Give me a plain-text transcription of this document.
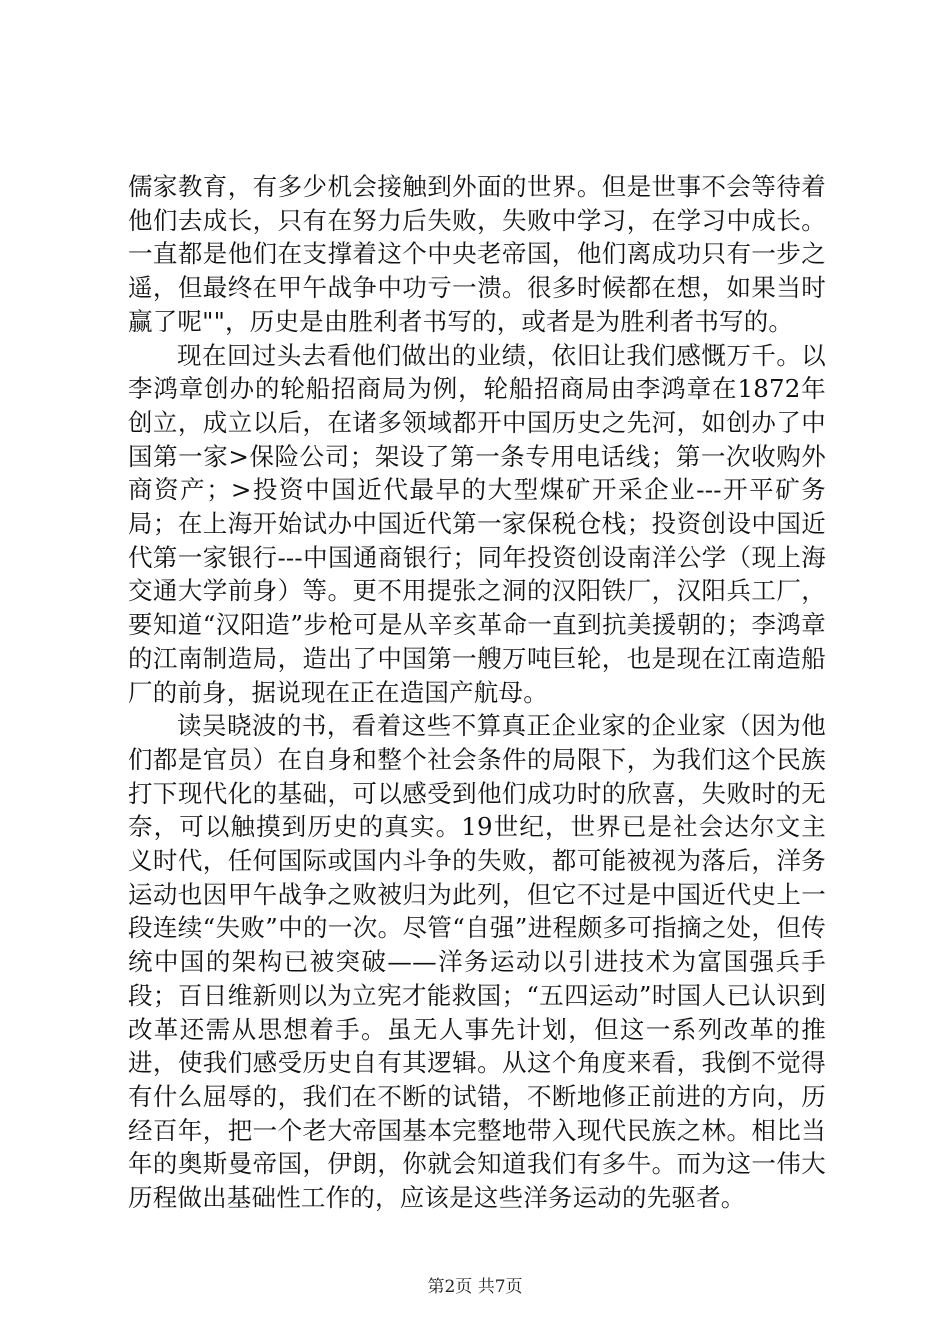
儒家教育，有多少机会接触到外面的世界。但是世事不会等待着他们去成长，只有在努力后失败，失败中学习，在学习中成长。一直都是他们在支撑着这个中央老帝国，他们离成功只有一步之遥，但最终在甲午战争中功亏一溃。很多时候都在想，如果当时赢了呢""，历史是由胜利者书写的，或者是为胜利者书写的。

现在回过头去看他们做出的业绩，依旧让我们感慨万千。以李鸿章创办的轮船招商局为例，轮船招商局由李鸿章在1872年创立，成立以后，在诸多领域都开中国历史之先河，如创办了中国第一家>保险公司；架设了第一条专用电话线；第一次收购外商资产；>投资中国近代最早的大型煤矿开采企业---开平矿务局；在上海开始试办中国近代第一家保税仓栈；投资创设中国近代第一家银行---中国通商银行；同年投资创设南洋公学（现上海交通大学前身）等。更不用提张之洞的汉阳铁厂，汉阳兵工厂，要知道“汉阳造”步枪可是从辛亥革命一直到抗美援朝的；李鸿章的江南制造局，造出了中国第一艘万吨巨轮，也是现在江南造船厂的前身，据说现在正在造国产航母。

读吴晓波的书，看着这些不算真正企业家的企业家（因为他们都是官员）在自身和整个社会条件的局限下，为我们这个民族打下现代化的基础，可以感受到他们成功时的欣喜，失败时的无奈，可以触摸到历史的真实。19世纪，世界已是社会达尔文主义时代，任何国际或国内斗争的失败，都可能被视为落后，洋务运动也因甲午战争之败被归为此列，但它不过是中国近代史上一段连续“失败”中的一次。尽管“自强”进程颇多可指摘之处，但传统中国的架构已被突破——洋务运动以引进技术为富国强兵手段；百日维新则以为立宪才能救国；“五四运动”时国人已认识到改革还需从思想着手。虽无人事先计划，但这一系列改革的推进，使我们感受历史自有其逻辑。从这个角度来看，我倒不觉得有什么屈辱的，我们在不断的试错，不断地修正前进的方向，历经百年，把一个老大帝国基本完整地带入现代民族之林。相比当年的奥斯曼帝国，伊朗，你就会知道我们有多牛。而为这一伟大历程做出基础性工作的，应该是这些洋务运动的先驱者。

第2页 共7页
